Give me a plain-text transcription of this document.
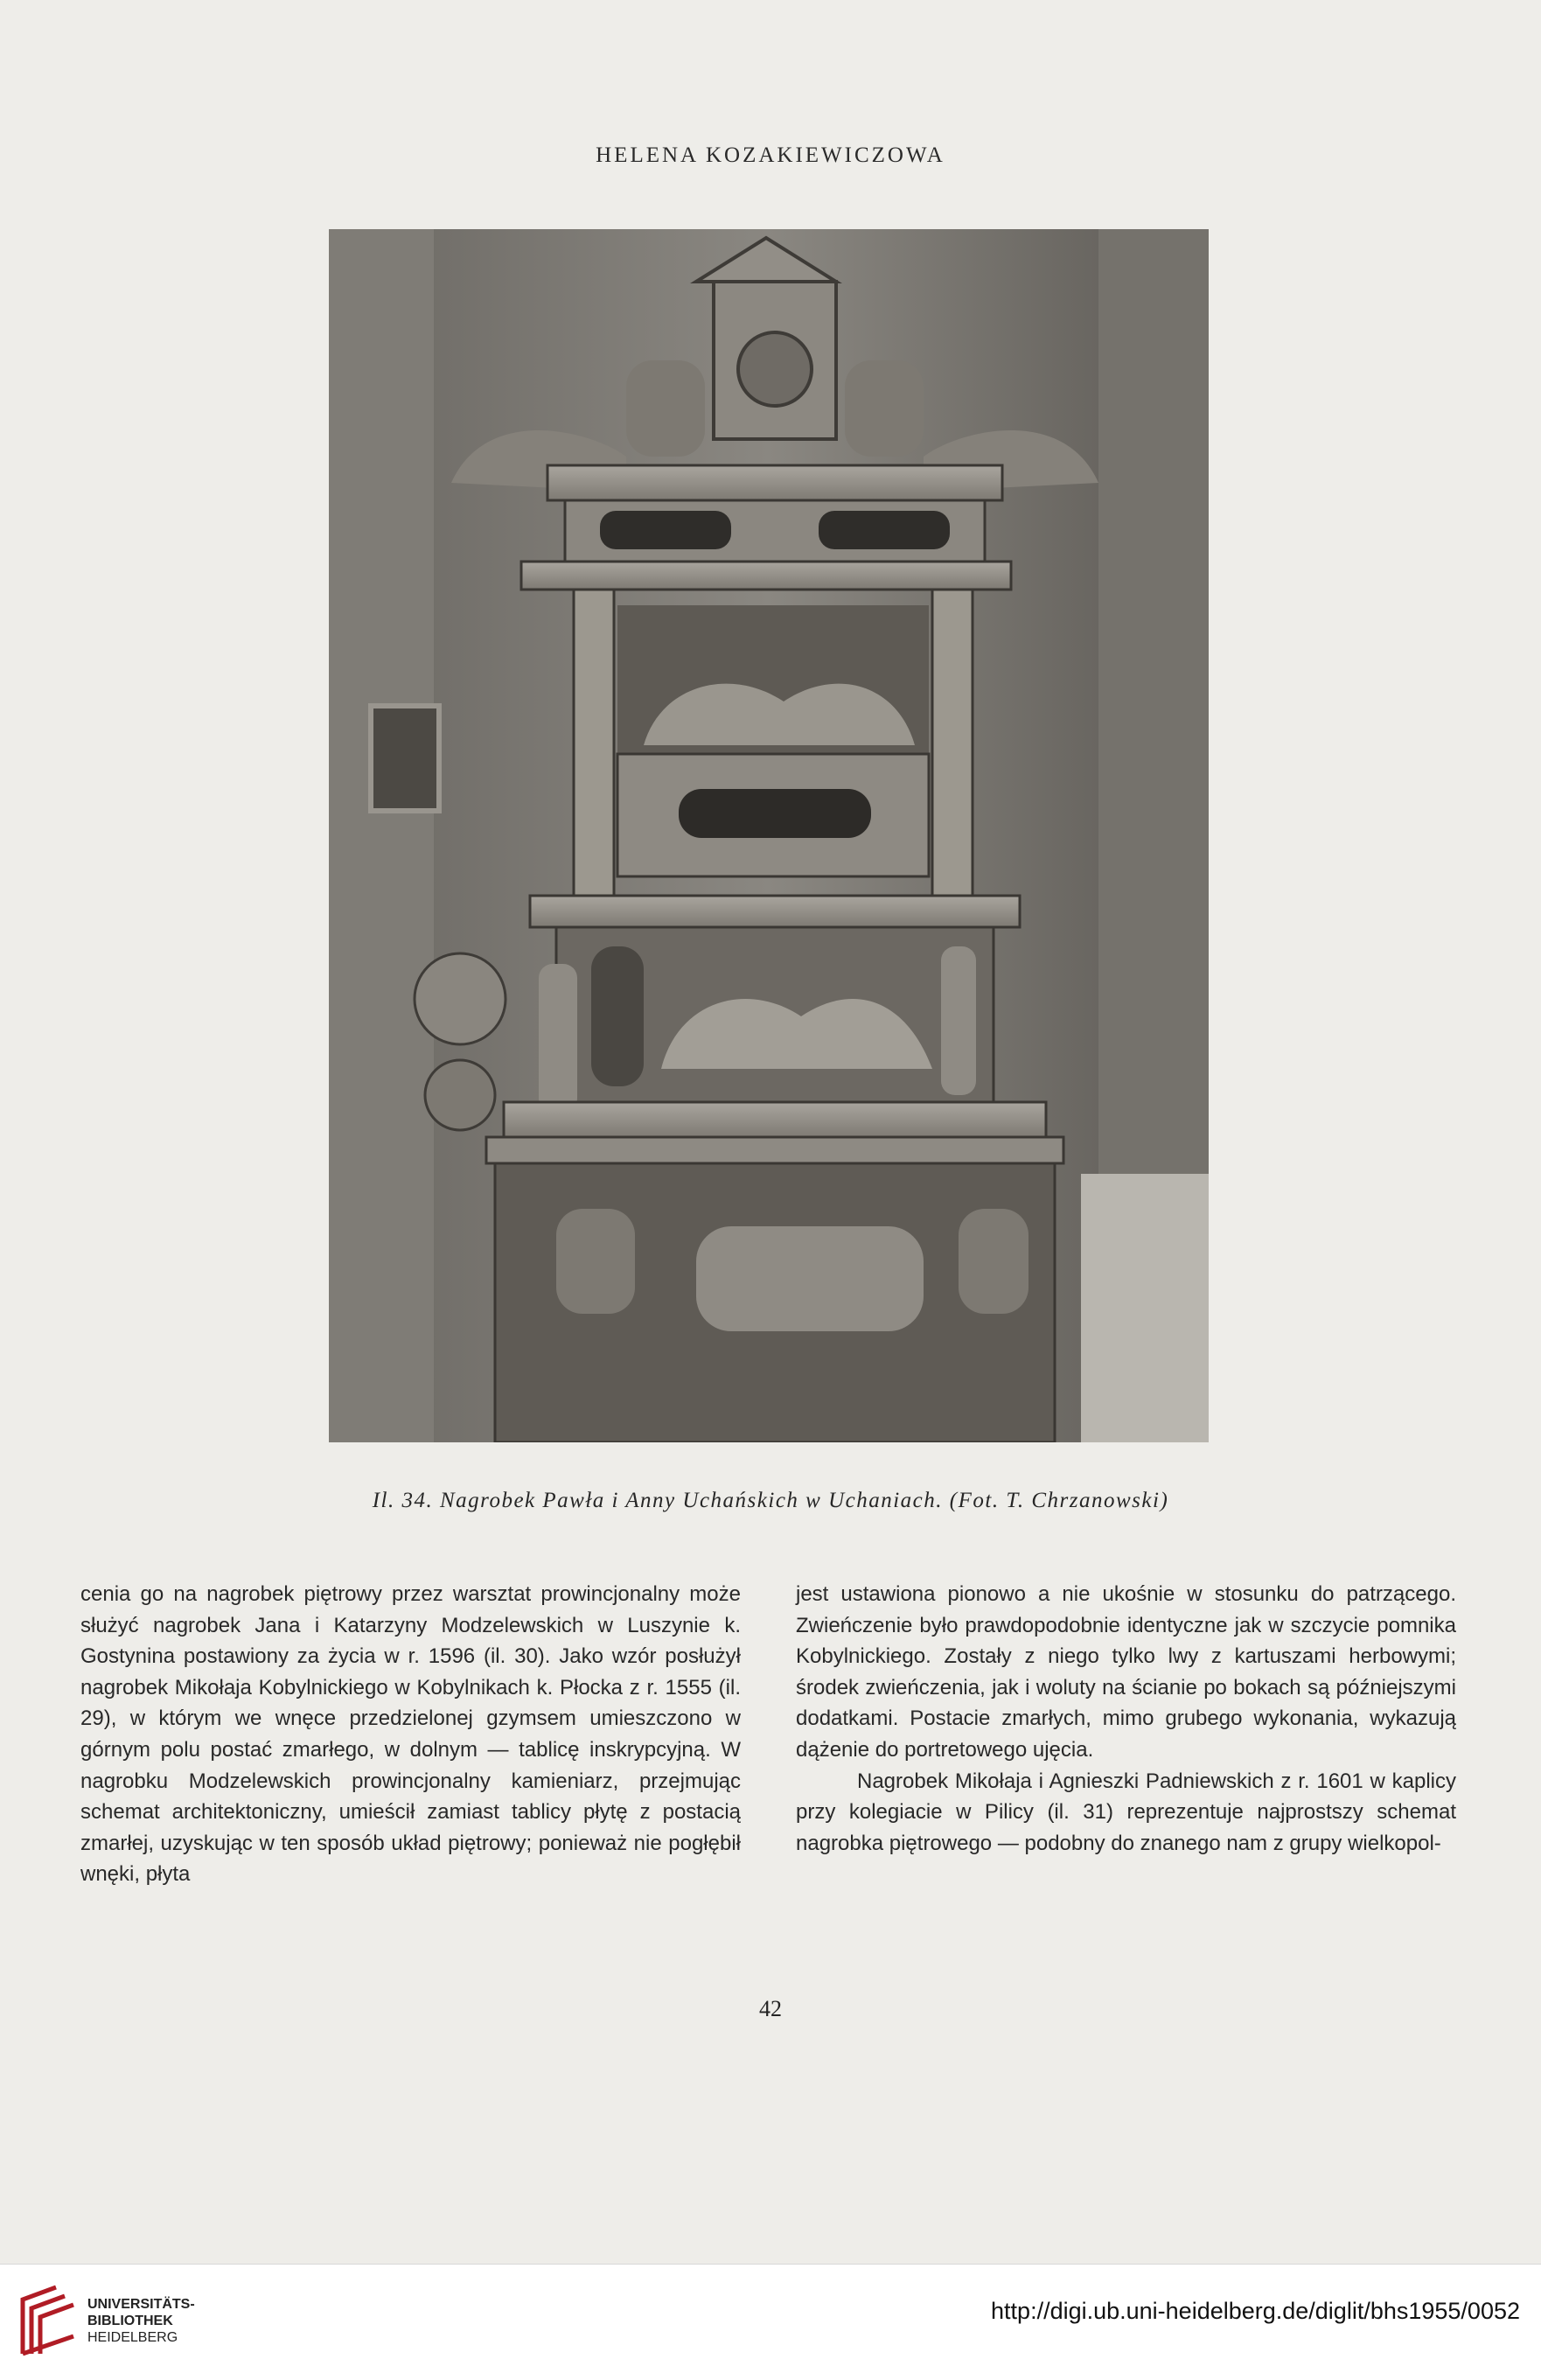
HELENA KOZAKIEWICZOWA
Il. 34. Nagrobek Pawła i Anny Uchańskich w Uchaniach. (Fot. T. Chrzanowski)

cenia go na nagrobek piętrowy przez warsztat prowincjonalny może służyć nagrobek Jana i Katarzyny Modzelewskich w Luszynie k. Gostynina postawiony za życia w r. 1596 (il. 30). Jako wzór posłużył nagrobek Mikołaja Kobylnickiego w Kobylnikach k. Płocka z r. 1555 (il. 29), w którym we wnęce przedzielonej gzymsem umieszczono w górnym polu postać zmarłego, w dolnym — tablicę inskrypcyjną. W nagrobku Modzelewskich prowincjonalny kamieniarz, przejmując schemat architektoniczny, umieścił zamiast tablicy płytę z postacią zmarłej, uzyskując w ten sposób układ piętrowy; ponieważ nie pogłębił wnęki, płyta

jest ustawiona pionowo a nie ukośnie w stosunku do patrzącego. Zwieńczenie było prawdopodobnie identyczne jak w szczycie pomnika Kobylnickiego. Zostały z niego tylko lwy z kartuszami herbowymi; środek zwieńczenia, jak i woluty na ścianie po bokach są późniejszymi dodatkami. Postacie zmarłych, mimo grubego wykonania, wykazują dążenie do portretowego ujęcia.

Nagrobek Mikołaja i Agnieszki Padniewskich z r. 1601 w kaplicy przy kolegiacie w Pilicy (il. 31) reprezentuje najprostszy schemat nagrobka piętrowego — podobny do znanego nam z grupy wielkopol-

42
UNIVERSITÄTS-
BIBLIOTHEK
HEIDELBERG
http://digi.ub.uni-heidelberg.de/diglit/bhs1955/0052
